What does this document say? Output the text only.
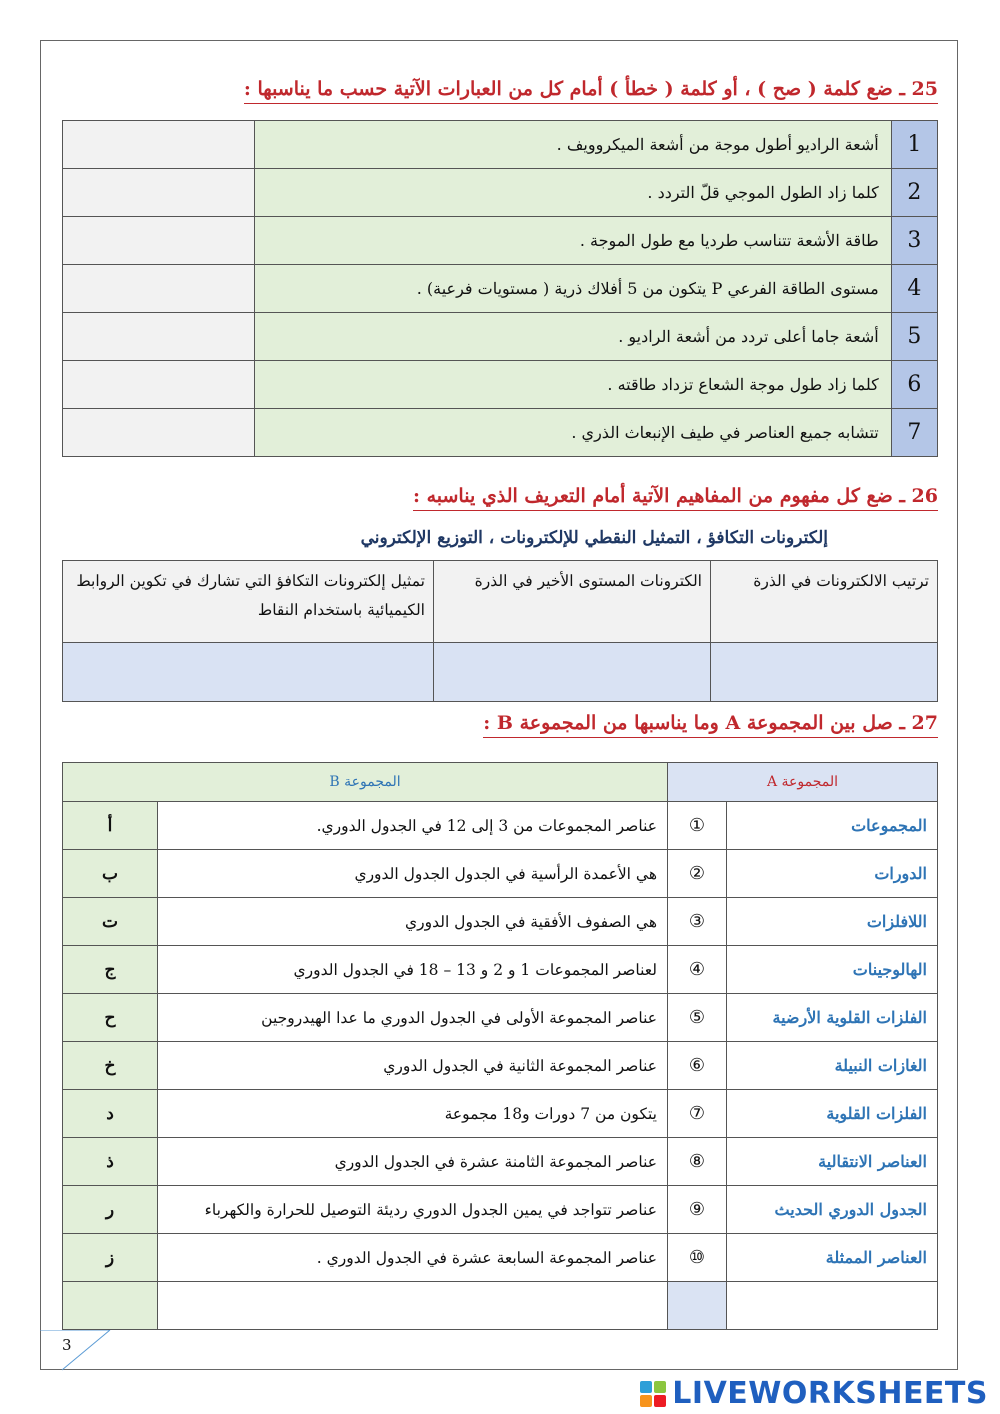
25 ـ ضع كلمة ( صح ) ، أو كلمة ( خطأ ) أمام كل من العبارات الآتية حسب ما يناسبها :
1	أشعة الراديو أطول موجة من أشعة الميكروويف .	
2	كلما زاد الطول الموجي قلّ التردد .	
3	طاقة الأشعة تتناسب طرديا مع طول الموجة .	
4	مستوى الطاقة الفرعي P يتكون من 5 أفلاك ذرية ( مستويات فرعية) .	
5	أشعة جاما أعلى تردد من أشعة الراديو .	
6	كلما زاد طول موجة الشعاع تزداد طاقته .	
7	تتشابه جميع العناصر في طيف الإنبعاث الذري .	
26 ـ ضع كل مفهوم من المفاهيم الآتية أمام التعريف الذي يناسبه :
إلكترونات التكافؤ ، التمثيل النقطي للإلكترونات ، التوزيع الإلكتروني
ترتيب الالكترونات في الذرة	الكترونات المستوى الأخير في الذرة	تمثيل إلكترونات التكافؤ التي تشارك في تكوين الروابط الكيميائية باستخدام النقاط

27 ـ صل بين المجموعة A وما يناسبها من المجموعة B :
المجموعة A		المجموعة B	
المجموعات	①	عناصر المجموعات من 3 إلى 12 في الجدول الدوري.	أ
الدورات	②	هي الأعمدة الرأسية في الجدول الجدول الدوري	ب
اللافلزات	③	هي الصفوف الأفقية في الجدول الدوري	ت
الهالوجينات	④	لعناصر المجموعات 1 و 2 و 13 – 18 في الجدول الدوري	ج
الفلزات القلوية الأرضية	⑤	عناصر المجموعة الأولى في الجدول الدوري ما عدا الهيدروجين	ح
الغازات النبيلة	⑥	عناصر المجموعة الثانية في الجدول الدوري	خ
الفلزات القلوية	⑦	يتكون من 7 دورات و18 مجموعة	د
العناصر الانتقالية	⑧	عناصر المجموعة الثامنة عشرة في الجدول الدوري	ذ
الجدول الدوري الحديث	⑨	عناصر تتواجد في يمين الجدول الدوري رديئة التوصيل للحرارة والكهرباء	ر
العناصر الممثلة	⑩	عناصر المجموعة السابعة عشرة في الجدول الدوري .	ز

3
LIVEWORKSHEETS
